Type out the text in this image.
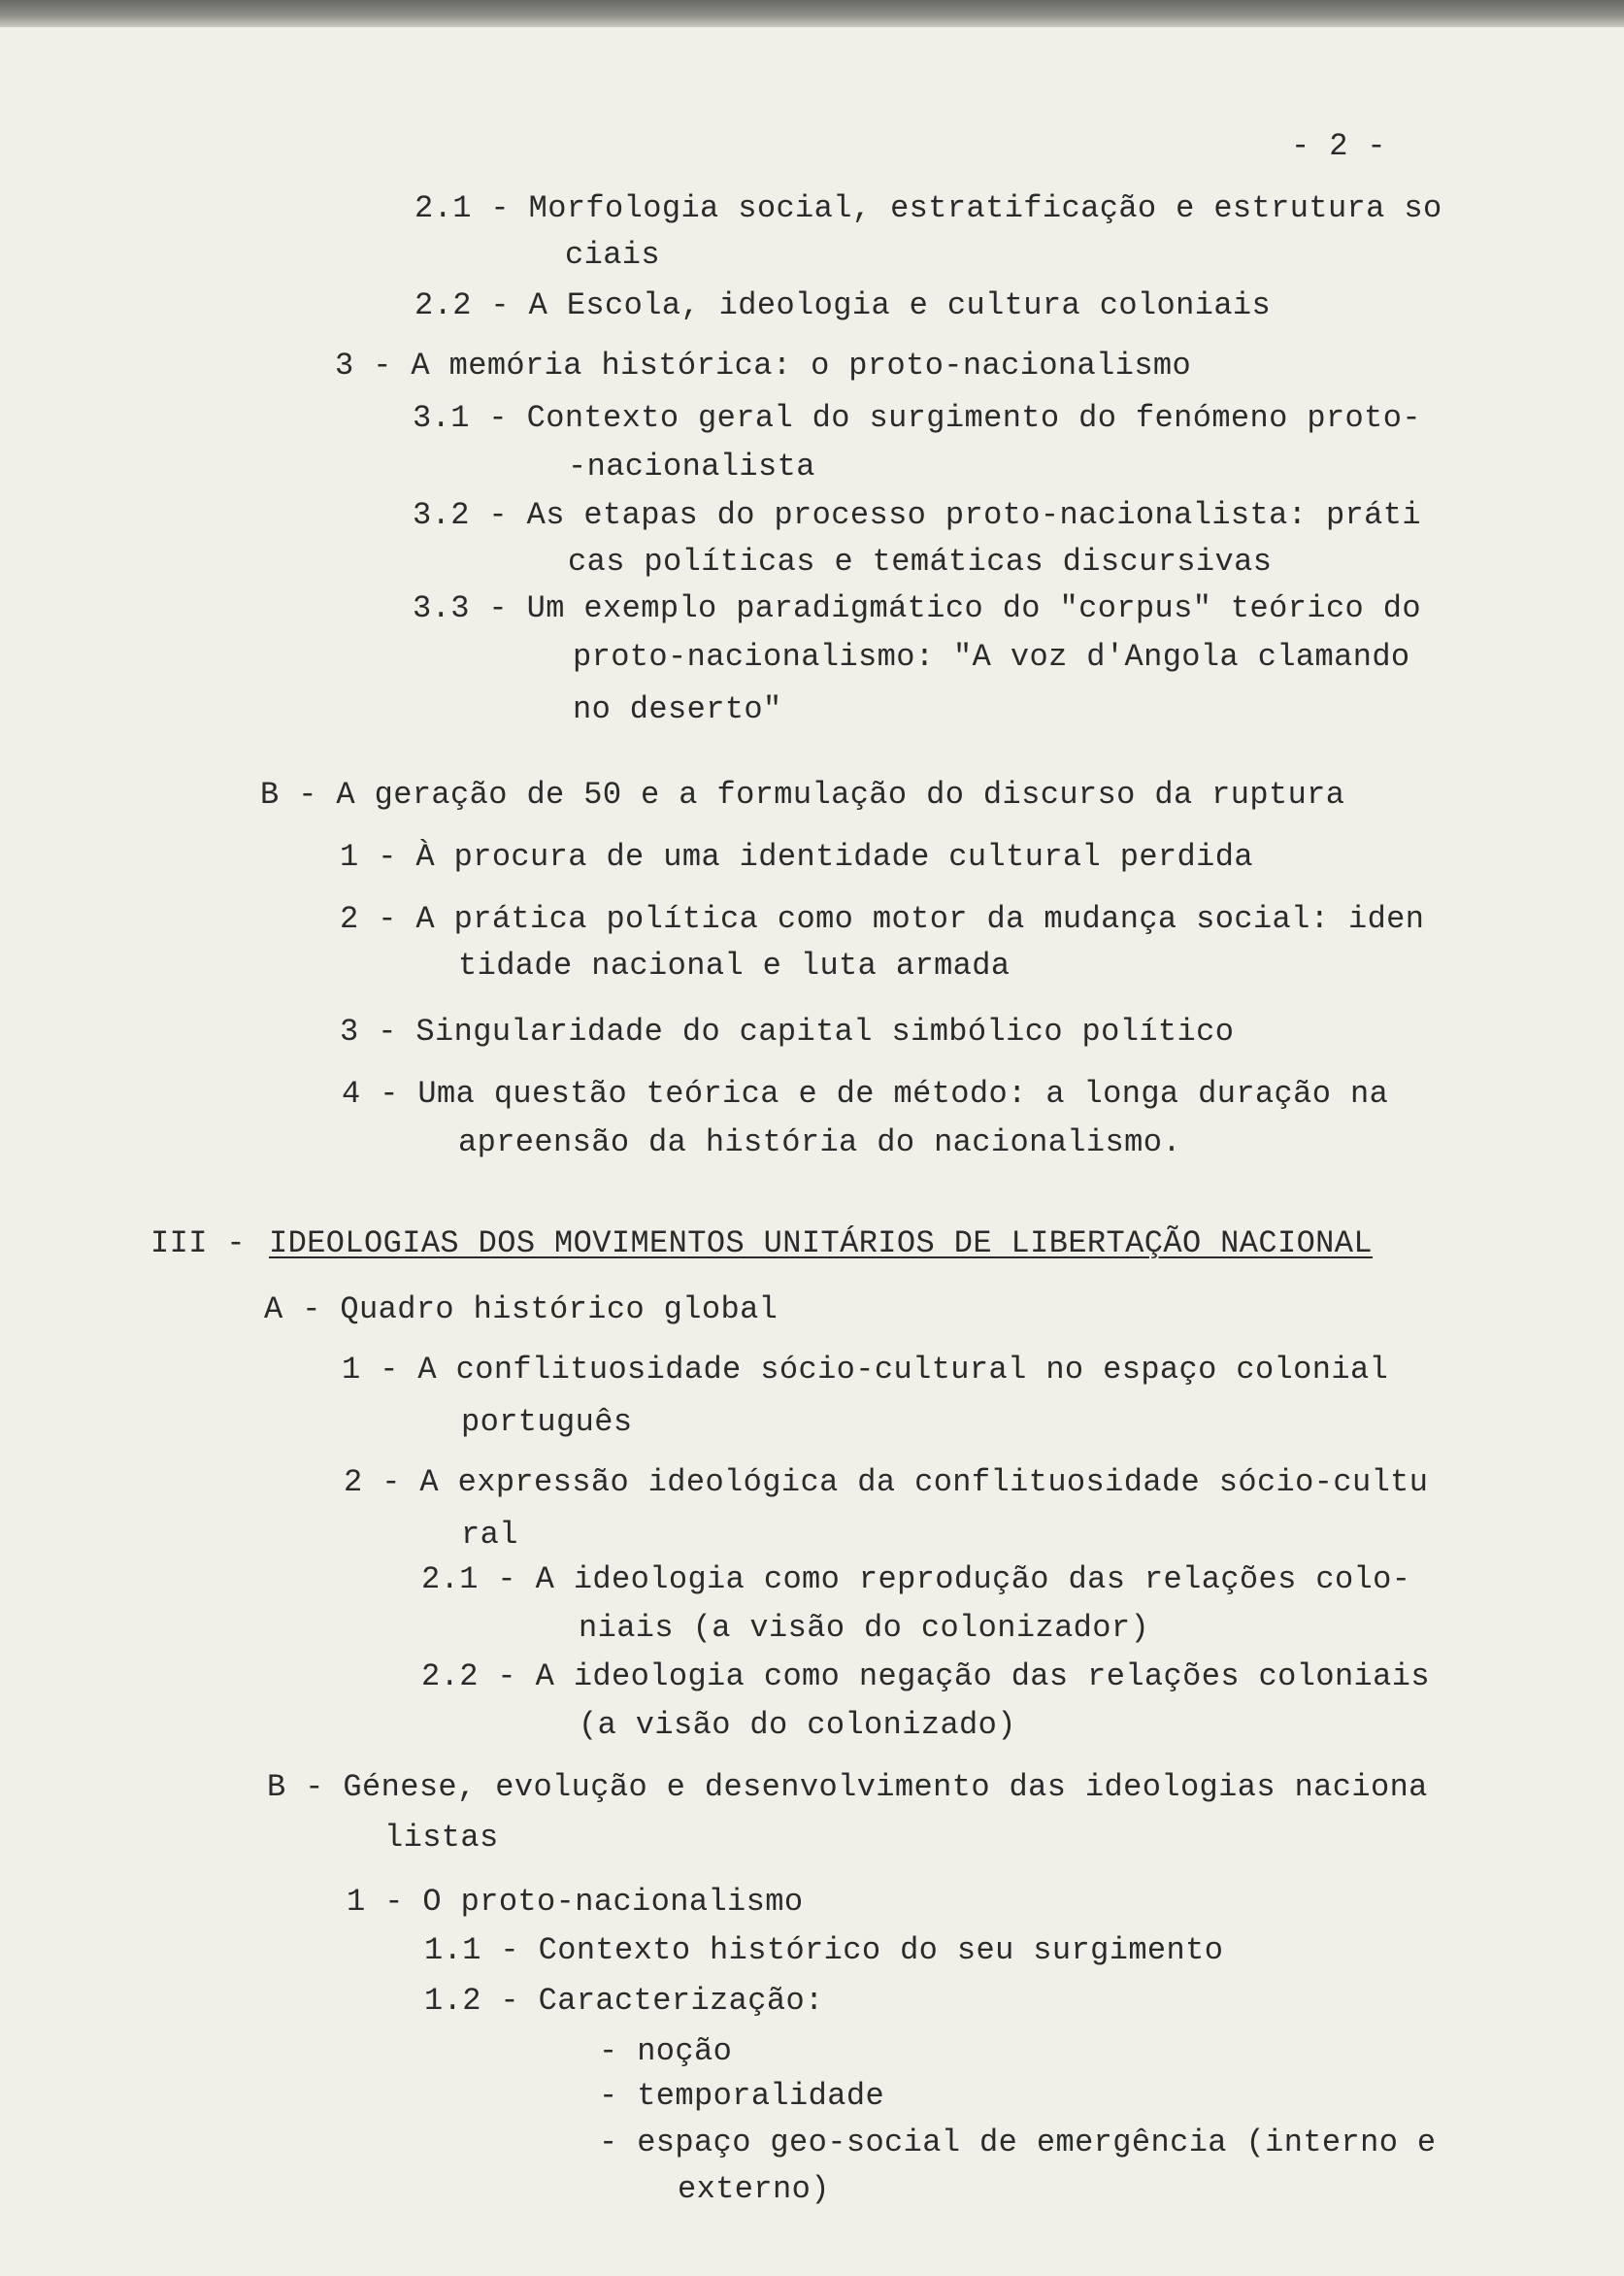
- 2 -
2.1 - Morfologia social, estratificação e estrutura so
ciais
2.2 - A Escola, ideologia e cultura coloniais
3 - A memória histórica: o proto-nacionalismo
3.1 - Contexto geral do surgimento do fenómeno proto-
-nacionalista
3.2 - As etapas do processo proto-nacionalista: práti
cas políticas e temáticas discursivas
3.3 - Um exemplo paradigmático do "corpus" teórico do
proto-nacionalismo: "A voz d'Angola clamando
no deserto"
B - A geração de 50 e a formulação do discurso da ruptura
1 - À procura de uma identidade cultural perdida
2 - A prática política como motor da mudança social: iden
tidade nacional e luta armada
3 - Singularidade do capital simbólico político
4 - Uma questão teórica e de método: a longa duração na
apreensão da história do nacionalismo.
III - IDEOLOGIAS DOS MOVIMENTOS UNITÁRIOS DE LIBERTAÇÃO NACIONAL
A - Quadro histórico global
1 - A conflituosidade sócio-cultural no espaço colonial
português
2 - A expressão ideológica da conflituosidade sócio-cultu
ral
2.1 - A ideologia como reprodução das relações colo-
niais (a visão do colonizador)
2.2 - A ideologia como negação das relações coloniais
(a visão do colonizado)
B - Génese, evolução e desenvolvimento das ideologias naciona
listas
1 - O proto-nacionalismo
1.1 - Contexto histórico do seu surgimento
1.2 - Caracterização:
- noção
- temporalidade
- espaço geo-social de emergência (interno e
externo)
